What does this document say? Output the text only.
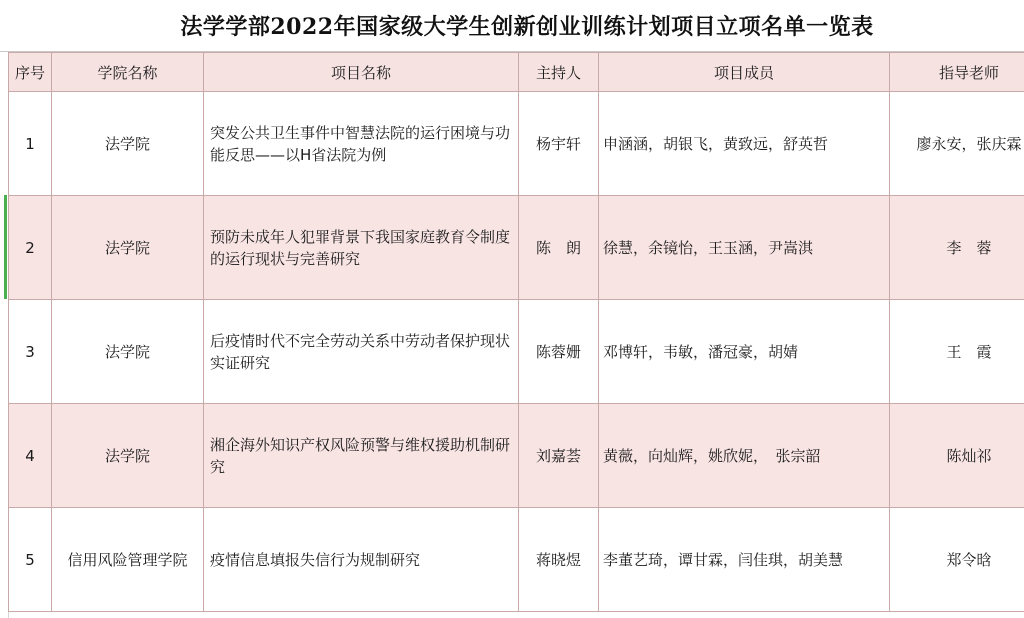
法学学部2022年国家级大学生创新创业训练计划项目立项名单一览表
序号	学院名称	项目名称	主持人	项目成员	指导老师
1	法学院	突发公共卫生事件中智慧法院的运行困境与功能反思——以H省法院为例	杨宇轩	申涵涵，胡银飞，黄致远，舒英哲	廖永安，张庆霖
2	法学院	预防未成年人犯罪背景下我国家庭教育令制度的运行现状与完善研究	陈　朗	徐慧，余镜怡，王玉涵，尹嵩淇	李　蓉
3	法学院	后疫情时代不完全劳动关系中劳动者保护现状实证研究	陈蓉姗	邓博轩，韦敏，潘冠豪，胡婧	王　霞
4	法学院	湘企海外知识产权风险预警与维权援助机制研究	刘嘉荟	黄薇，向灿辉，姚欣妮，　张宗韶	陈灿祁
5	信用风险管理学院	疫情信息填报失信行为规制研究	蒋晓煜	李董艺琦，谭甘霖，闫佳琪，胡美慧	郑令晗
